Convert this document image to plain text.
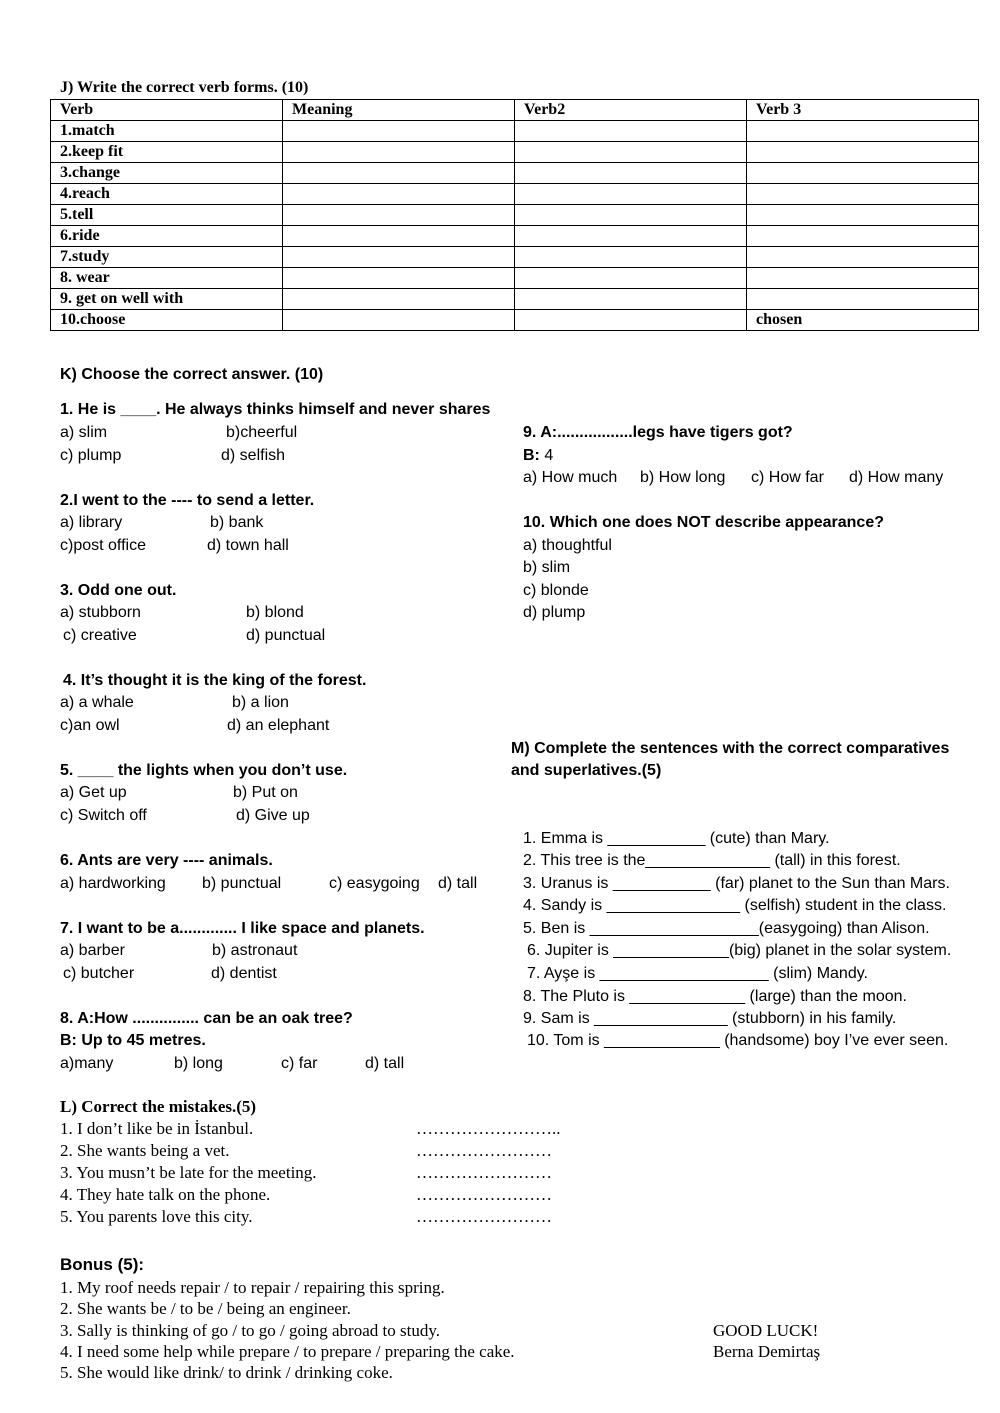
J) Write the correct verb forms. (10)
Verb	Meaning	Verb2	Verb 3
1.match			
2.keep fit			
3.change			
4.reach			
5.tell			
6.ride			
7.study			
8. wear			
9. get on well with			
10.choose			chosen
K) Choose the correct answer. (10)
1. He is ____. He always thinks himself and never shares
a) slim	b)cheerful
c) plump	d) selfish
2.I went to the ---- to send a letter.
a) library	b) bank
c)post office	d) town hall
3. Odd one out.
a) stubborn	b) blond
c) creative	d) punctual
4. It’s thought it is the king of the forest.
a) a whale	b) a lion
c)an owl	d) an elephant
5. ____ the lights when you don’t use.
a) Get up	b) Put on
c) Switch off	d) Give up
6. Ants are very ---- animals.
a) hardworking b) punctual	c) easygoing d) tall
7. I want to be a............. I like space and planets.
a) barber	b) astronaut
c) butcher	d) dentist
8. A:How ............... can be an oak tree?
B: Up to 45 metres.
a)many	b) long	c) far	d) tall
9. A:.................legs have tigers got?
B: 4
a) How much b) How long c) How far d) How many
10. Which one does NOT describe appearance?
a) thoughtful
b) slim
c) blonde
d) plump
M) Complete the sentences with the correct comparatives
and superlatives.(5)
1. Emma is ___________ (cute) than Mary.
2. This tree is the______________ (tall) in this forest.
3. Uranus is ___________ (far) planet to the Sun than Mars.
4. Sandy is _______________ (selfish) student in the class.
5. Ben is ___________________(easygoing) than Alison.
6. Jupiter is _____________(big) planet in the solar system.
7. Ayşe is ___________________ (slim) Mandy.
8. The Pluto is _____________ (large) than the moon.
9. Sam is _______________ (stubborn) in his family.
10. Tom is _____________ (handsome) boy I’ve ever seen.
L) Correct the mistakes.(5)
1. I don’t like be in İstanbul.	……………………..
2. She wants being a vet.	……………………
3. You musn’t be late for the meeting.	……………………
4. They hate talk on the phone.	……………………
5. You parents love this city.	……………………
Bonus (5):
1. My roof needs repair / to repair / repairing this spring.
2. She wants be / to be / being an engineer.
3. Sally is thinking of go / to go / going abroad to study.
4. I need some help while prepare / to prepare / preparing the cake.
5. She would like drink/ to drink / drinking coke.
GOOD LUCK!
Berna Demirtaş
